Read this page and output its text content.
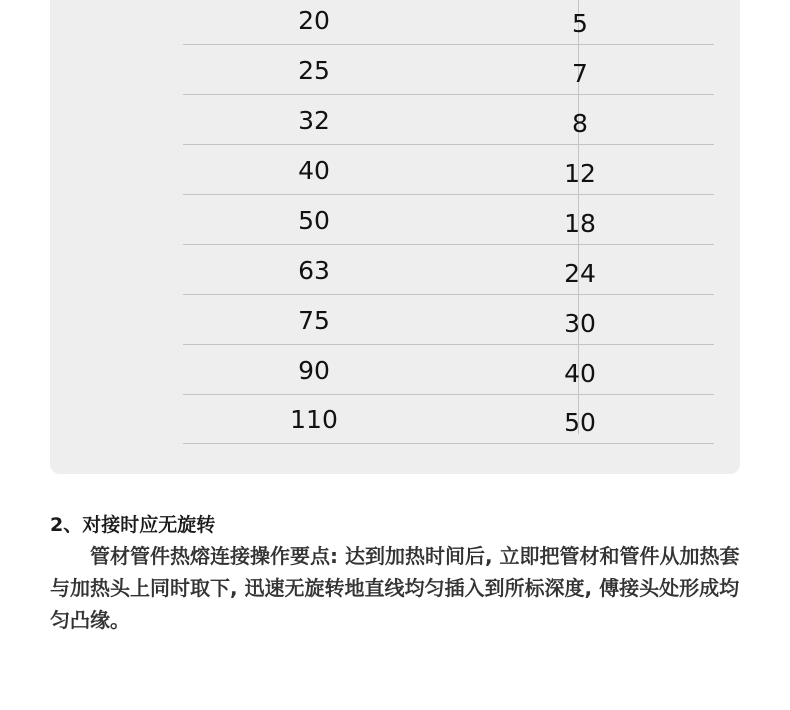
20	5
25	7
32	8
40	12
50	18
63	24
75	30
90	40
110	50
2、对接时应无旋转

管材管件热熔连接操作要点: 达到加热时间后, 立即把管材和管件从加热套与加热头上同时取下, 迅速无旋转地直线均匀插入到所标深度, 傅接头处形成均匀凸缘。
